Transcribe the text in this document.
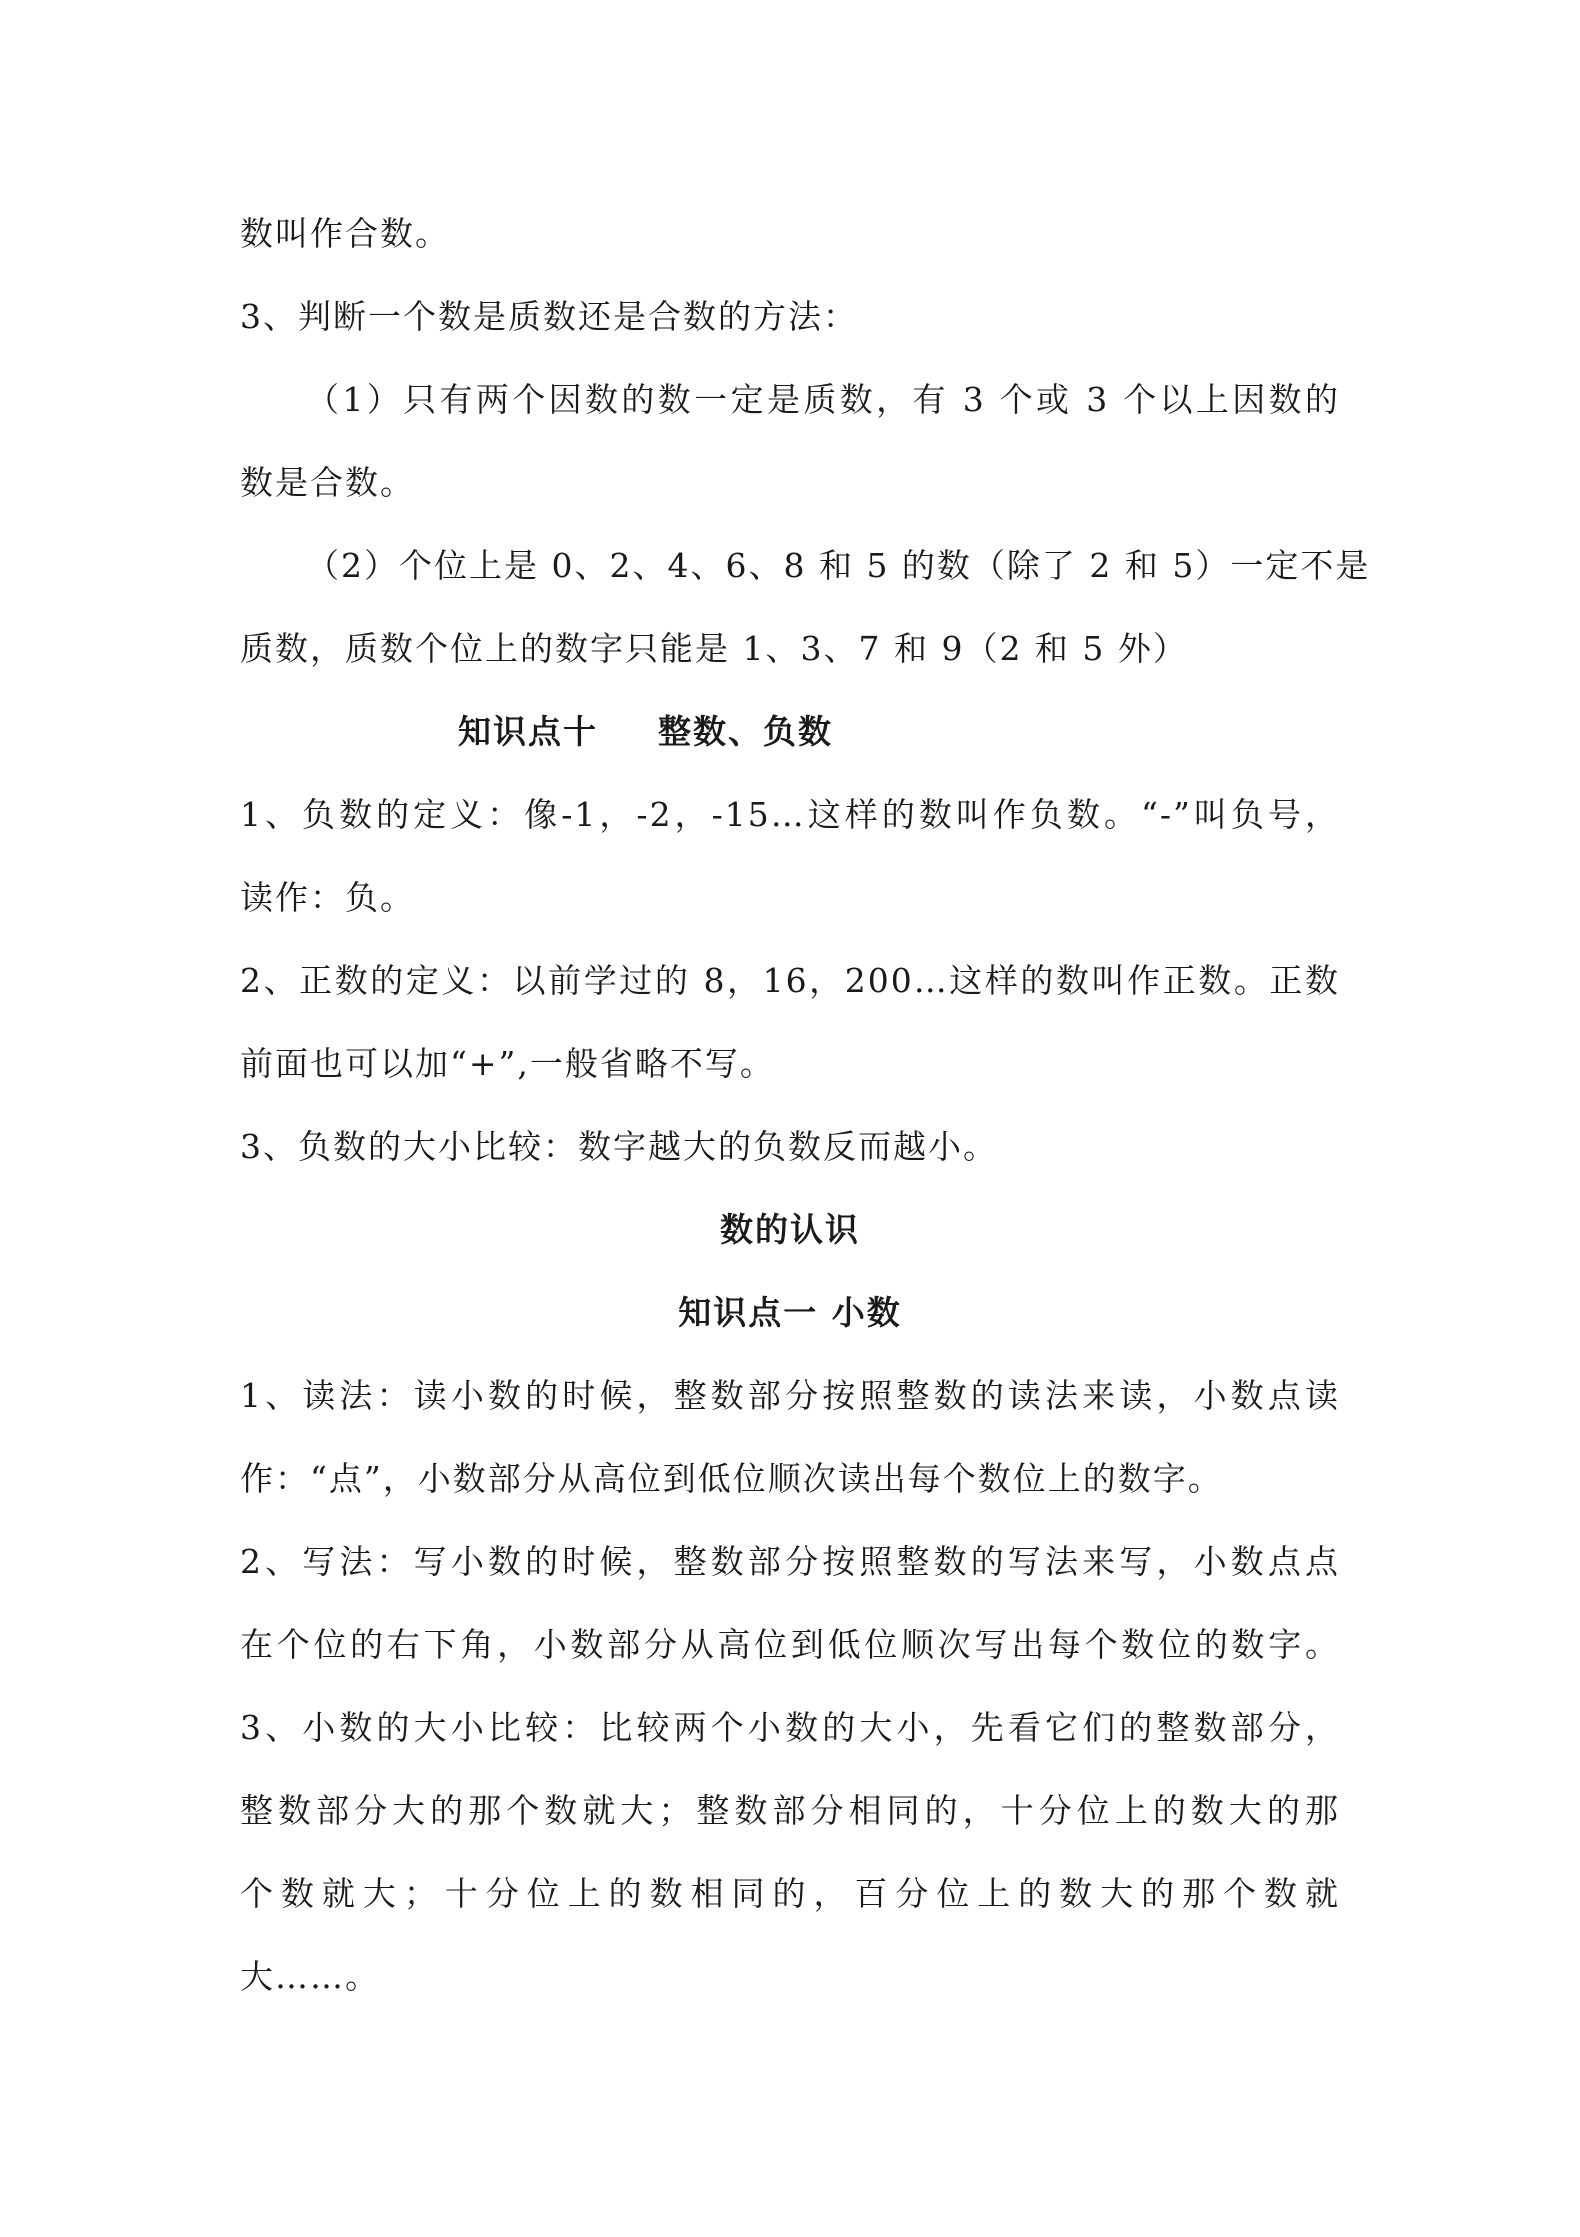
数叫作合数。
3、判断一个数是质数还是合数的方法：
（1）只有两个因数的数一定是质数，有 3 个或 3 个以上因数的
数是合数。
（2）个位上是 0、2、4、6、8 和 5 的数（除了 2 和 5）一定不是
质数，质数个位上的数字只能是 1、3、7 和 9（2 和 5 外）
知识点十 整数、负数
1、负数的定义：像-1，-2，-15…这样的数叫作负数。“-”叫负号，
读作：负。
2、正数的定义：以前学过的 8，16，200…这样的数叫作正数。正数
前面也可以加“+”,一般省略不写。
3、负数的大小比较：数字越大的负数反而越小。
数的认识
知识点一 小数
1、读法：读小数的时候，整数部分按照整数的读法来读，小数点读
作：“点”，小数部分从高位到低位顺次读出每个数位上的数字。
2、写法：写小数的时候，整数部分按照整数的写法来写，小数点点
在个位的右下角，小数部分从高位到低位顺次写出每个数位的数字。
3、小数的大小比较：比较两个小数的大小，先看它们的整数部分，
整数部分大的那个数就大；整数部分相同的，十分位上的数大的那
个数就大；十分位上的数相同的，百分位上的数大的那个数就
大……。
